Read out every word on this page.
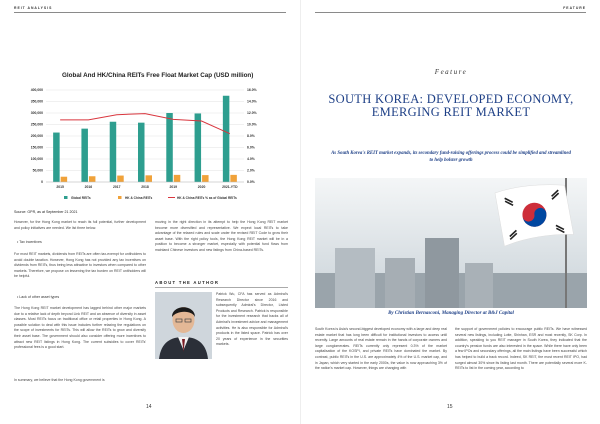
REIT ANALYSIS
Global And HK/China REITs Free Float Market Cap (USD million)
400,000
350,000
300,000
250,000
200,000
150,000
100,000
50,000
0
16.0%
14.0%
12.0%
10.0%
8.0%
6.0%
4.0%
2.0%
0.0%
2015	2016	2017	2018	2019	2020	2021-YTD
Global REITs	HK & China REITs	HK & China REITs % as of Global REITs
Source: GPR, as at September 21 2021
However, for the Hong Kong market to reach its full potential, further development and policy initiatives are needed. We list three below.
• Tax incentives
For most REIT markets, dividends from REITs are often tax-exempt for unitholders to avoid double taxation. However, Hong Kong has not provided any tax incentives on dividends from REITs, thus being less attractive to investors when compared to other markets. Therefore, we propose on lessening the tax burden on REIT unitholders will be helpful.
• Lack of other asset types
The Hong Kong REIT market development has lagged behind other major markets due to a relative lack of depth beyond Link REIT and an absence of diversity in asset classes. Most REITs focus on traditional office or retail properties in Hong Kong. A possible solution to deal with this issue includes further relaxing the regulations on the scope of investments for REITs. This will allow the REITs to grow and diversify their asset base. The government should also consider offering more incentives to attract new REIT listings in Hong Kong. The current subsidies to cover REITs' professional fees is a good start.
In summary, we believe that the Hong Kong government is
moving in the right direction in its attempt to help the Hong Kong REIT market become more diversified and representative. We expect local REITs to take advantage of the relaxed rules and scale under the revised REIT Code to grow their asset base. With the right policy tools, the Hong Kong REIT market will be in a position to become a stronger market, especially with potential fund flows from mainland Chinese investors and new listings from China-based REITs.
ABOUT THE AUTHOR
Patrick Wu, CFA has served as Admiral's Research Director since 2016 and subsequently Admiral's Director, Listed Products and Research. Patrick is responsible for the investment research that backs all of Admiral's investment advice and management activities. He is also responsible for Admiral's products in the listed space. Patrick has over 20 years of experience in the securities markets.
14
FEATURE
Feature
SOUTH KOREA: DEVELOPED ECONOMY, EMERGING REIT MARKET
As South Korea's REIT market expands, its secondary fund-raising offerings process could be simplified and streamlined to help bolster growth
Photo by Daniel Bernard on Unsplash	By Christian Bernasconi, Managing Director at B&J Capital
South Korea is Asia's second-biggest developed economy with a large and deep real estate market that has long been difficult for institutional investors to access until recently. Large amounts of real estate remain in the hands of corporate owners and large conglomerates. REITs currently only represent 0.3% of the market capitalisation of the KOSPI, and private REITs have dominated the market. By contrast, public REITs in the U.S. are approximately 4% of the U.S. market cap, and in Japan, which very started in the early 2000s, the value is now approaching 3% of the nation's market cap. However, things are changing with
the support of government policies to encourage public REITs. We have witnessed several new listings, including Lotte, Shinhan, ESR and most recently, SK Corp. In addition, speaking to you REIT manager in South Korea, they indicated that the country's pension funds are also interested in the space. While there have only been a few IPOs and secondary offerings, all the main listings have been successful which has helped to build a track record. Indeed, SK REIT, the most recent REIT IPO, had surged almost 30% since its listing last month. There are potentially several more K-REITs to list in the coming year, according to
15
